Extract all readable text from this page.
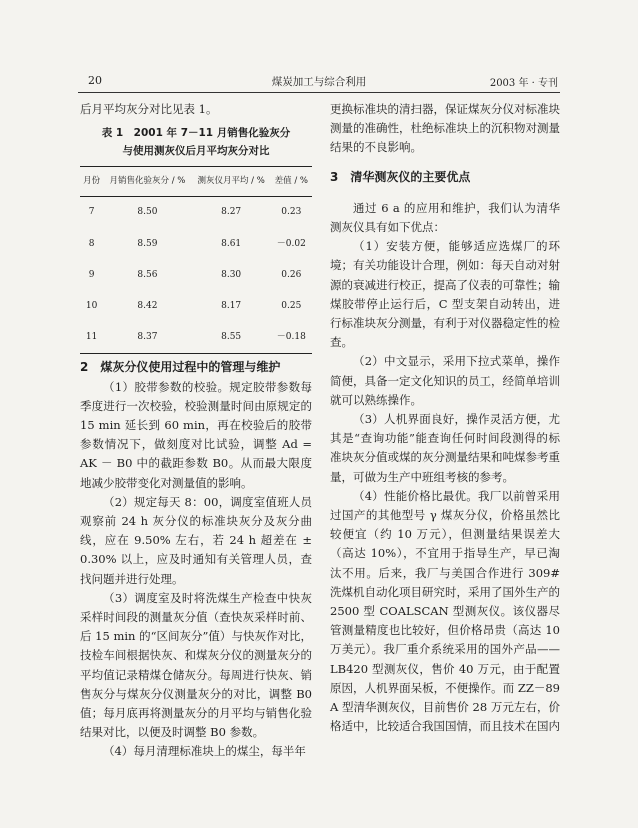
20	煤炭加工与综合利用	2003 年 · 专刊

后月平均灰分对比见表 1。

表 1　2001 年 7－11 月销售化验灰分
与使用测灰仪后月平均灰分对比
月份	月销售化验灰分 / %	测灰仪月平均 / %	差值 / %
7	8.50	8.27	0.23
8	8.59	8.61	－0.02
9	8.56	8.30	0.26
10	8.42	8.17	0.25
11	8.37	8.55	－0.18

2　煤灰分仪使用过程中的管理与维护

（1）胶带参数的校验。规定胶带参数每季度进行一次校验，校验测量时间由原规定的 15 min 延长到 60 min，再在校验后的胶带参数情况下，做刻度对比试验，调整 Ad = AK － B0 中的截距参数 B0。从而最大限度地减少胶带变化对测量值的影响。

（2）规定每天 8：00，调度室值班人员观察前 24 h 灰分仪的标准块灰分及灰分曲线，应在 9.50% 左右，若 24 h 超差在 ± 0.30% 以上，应及时通知有关管理人员，查找问题并进行处理。

（3）调度室及时将洗煤生产检查中快灰采样时间段的测量灰分值（查快灰采样时前、后 15 min 的“区间灰分”值）与快灰作对比，技检车间根据快灰、和煤灰分仪的测量灰分的平均值记录精煤仓储灰分。每周进行快灰、销售灰分与煤灰分仪测量灰分的对比，调整 B0 值；每月底再将测量灰分的月平均与销售化验结果对比，以便及时调整 B0 参数。

（4）每月清理标准块上的煤尘，每半年

更换标准块的清扫器，保证煤灰分仪对标准块测量的准确性，杜绝标准块上的沉积物对测量结果的不良影响。

3　清华测灰仪的主要优点

通过 6 a 的应用和维护，我们认为清华测灰仪具有如下优点：

（1）安装方便，能够适应选煤厂的环境；有关功能设计合理，例如：每天自动对射源的衰减进行校正，提高了仪表的可靠性；输煤胶带停止运行后，C 型支架自动转出，进行标准块灰分测量，有利于对仪器稳定性的检查。

（2）中文显示，采用下拉式菜单，操作简便，具备一定文化知识的员工，经简单培训就可以熟练操作。

（3）人机界面良好，操作灵活方便，尤其是“查询功能”能查询任何时间段测得的标准块灰分值或煤的灰分测量结果和吨煤参考重量，可做为生产中班组考核的参考。

（4）性能价格比最优。我厂以前曾采用过国产的其他型号 γ 煤灰分仪，价格虽然比较便宜（约 10 万元），但测量结果误差大（高达 10%），不宜用于指导生产，早已淘汰不用。后来，我厂与美国合作进行 309# 洗煤机自动化项目研究时，采用了国外生产的 2500 型 COALSCAN 型测灰仪。该仪器尽管测量精度也比较好，但价格昂贵（高达 10 万美元）。我厂重介系统采用的国外产品——LB420 型测灰仪，售价 40 万元，由于配置原因，人机界面呆板，不便操作。而 ZZ－89 A 型清华测灰仪，目前售价 28 万元左右，价格适中，比较适合我国国情，而且技术在国内
